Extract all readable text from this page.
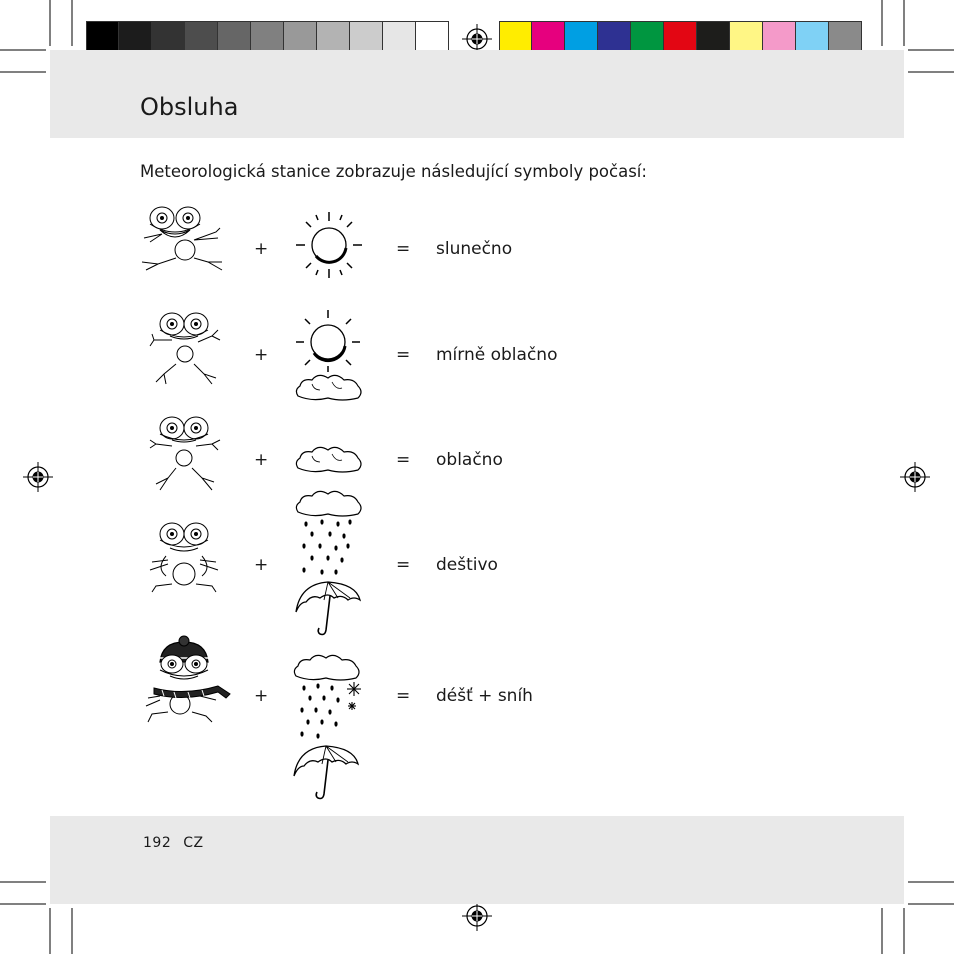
Obsluha
Meteorologická stanice zobrazuje následující symboly počasí:
+	= slunečno
+	= mírně oblačno
+	= oblačno
+	= deštivo
+	= déšť + sníh
192 CZ
